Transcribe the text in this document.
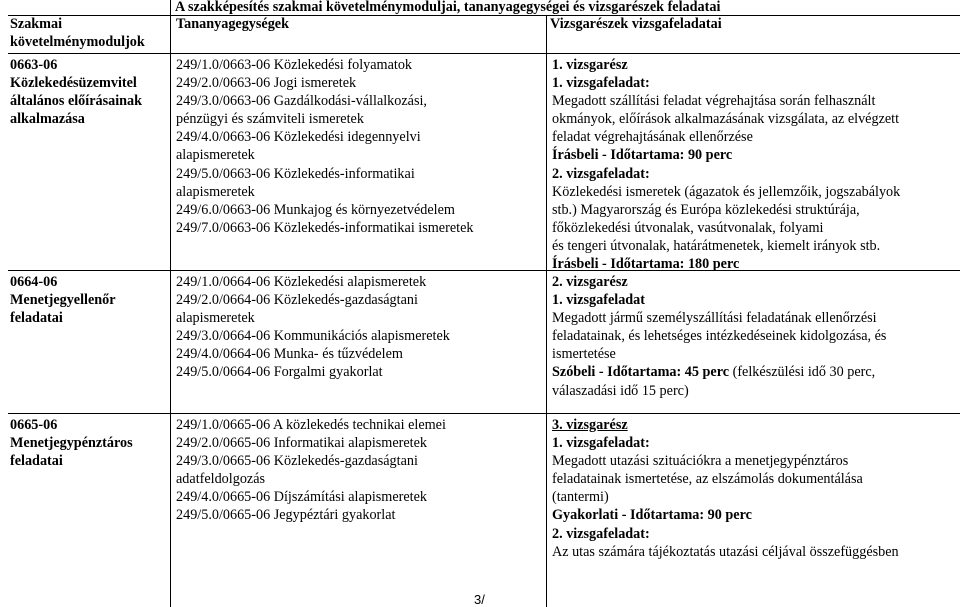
A szakképesítés szakmai követelménymoduljai, tananyagegységei és vizsgarészek feladatai
Szakmai
követelménymoduljok
Tananyagegységek	Vizsgarészek vizsgafeladatai
0663-06
Közlekedésüzemvitel
általános előírásainak
alkalmazása
249/1.0/0663-06 Közlekedési folyamatok
249/2.0/0663-06 Jogi ismeretek
249/3.0/0663-06 Gazdálkodási-vállalkozási,
pénzügyi és számviteli ismeretek
249/4.0/0663-06 Közlekedési idegennyelvi
alapismeretek
249/5.0/0663-06 Közlekedés-informatikai
alapismeretek
249/6.0/0663-06 Munkajog és környezetvédelem
249/7.0/0663-06 Közlekedés-informatikai ismeretek
1. vizsgarész
1. vizsgafeladat:
Megadott szállítási feladat végrehajtása során felhasznált
okmányok, előírások alkalmazásának vizsgálata, az elvégzett
feladat végrehajtásának ellenőrzése
Írásbeli - Időtartama: 90 perc
2. vizsgafeladat:
Közlekedési ismeretek (ágazatok és jellemzőik, jogszabályok
stb.) Magyarország és Európa közlekedési struktúrája,
főközlekedési útvonalak, vasútvonalak, folyami
és tengeri útvonalak, határátmenetek, kiemelt irányok stb.
Írásbeli - Időtartama: 180 perc
0664-06
Menetjegyellenőr
feladatai
249/1.0/0664-06 Közlekedési alapismeretek
249/2.0/0664-06 Közlekedés-gazdaságtani
alapismeretek
249/3.0/0664-06 Kommunikációs alapismeretek
249/4.0/0664-06 Munka- és tűzvédelem
249/5.0/0664-06 Forgalmi gyakorlat
2. vizsgarész
1. vizsgafeladat
Megadott jármű személyszállítási feladatának ellenőrzési
feladatainak, és lehetséges intézkedéseinek kidolgozása, és
ismertetése
Szóbeli - Időtartama: 45 perc (felkészülési idő 30 perc,
válaszadási idő 15 perc)
0665-06
Menetjegypénztáros
feladatai
249/1.0/0665-06 A közlekedés technikai elemei
249/2.0/0665-06 Informatikai alapismeretek
249/3.0/0665-06 Közlekedés-gazdaságtani
adatfeldolgozás
249/4.0/0665-06 Díjszámítási alapismeretek
249/5.0/0665-06 Jegypéztári gyakorlat
3. vizsgarész
1. vizsgafeladat:
Megadott utazási szituációkra a menetjegypénztáros
feladatainak ismertetése, az elszámolás dokumentálása
(tantermi)
Gyakorlati - Időtartama: 90 perc
2. vizsgafeladat:
Az utas számára tájékoztatás utazási céljával összefüggésben
3/
